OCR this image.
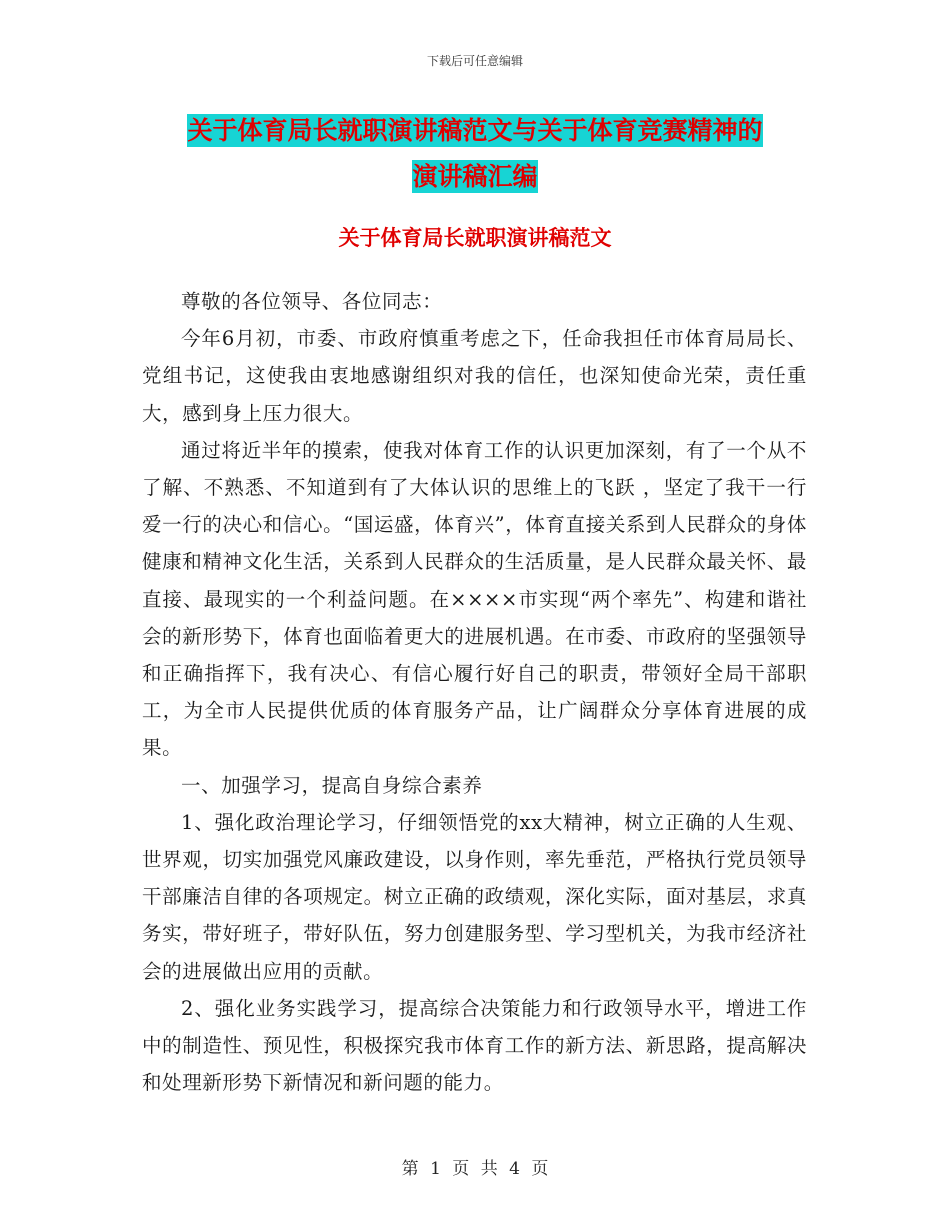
下载后可任意编辑
关于体育局长就职演讲稿范文与关于体育竞赛精神的
演讲稿汇编
关于体育局长就职演讲稿范文

尊敬的各位领导、各位同志：

今年6月初，市委、市政府慎重考虑之下，任命我担任市体育局局长、党组书记，这使我由衷地感谢组织对我的信任，也深知使命光荣，责任重大，感到身上压力很大。

通过将近半年的摸索，使我对体育工作的认识更加深刻，有了一个从不了解、不熟悉、不知道到有了大体认识的思维上的飞跃 ，坚定了我干一行爱一行的决心和信心。“国运盛，体育兴”，体育直接关系到人民群众的身体健康和精神文化生活，关系到人民群众的生活质量，是人民群众最关怀、最直接、最现实的一个利益问题。在××××市实现“两个率先”、构建和谐社会的新形势下，体育也面临着更大的进展机遇。在市委、市政府的坚强领导和正确指挥下，我有决心、有信心履行好自己的职责，带领好全局干部职工，为全市人民提供优质的体育服务产品，让广阔群众分享体育进展的成果。

一、加强学习，提高自身综合素养

1、强化政治理论学习，仔细领悟党的xx大精神，树立正确的人生观、世界观，切实加强党风廉政建设，以身作则，率先垂范，严格执行党员领导干部廉洁自律的各项规定。树立正确的政绩观，深化实际，面对基层，求真务实，带好班子，带好队伍，努力创建服务型、学习型机关，为我市经济社会的进展做出应用的贡献。

2、强化业务实践学习，提高综合决策能力和行政领导水平，增进工作中的制造性、预见性，积极探究我市体育工作的新方法、新思路，提高解决和处理新形势下新情况和新问题的能力。

第 1 页 共 4 页
